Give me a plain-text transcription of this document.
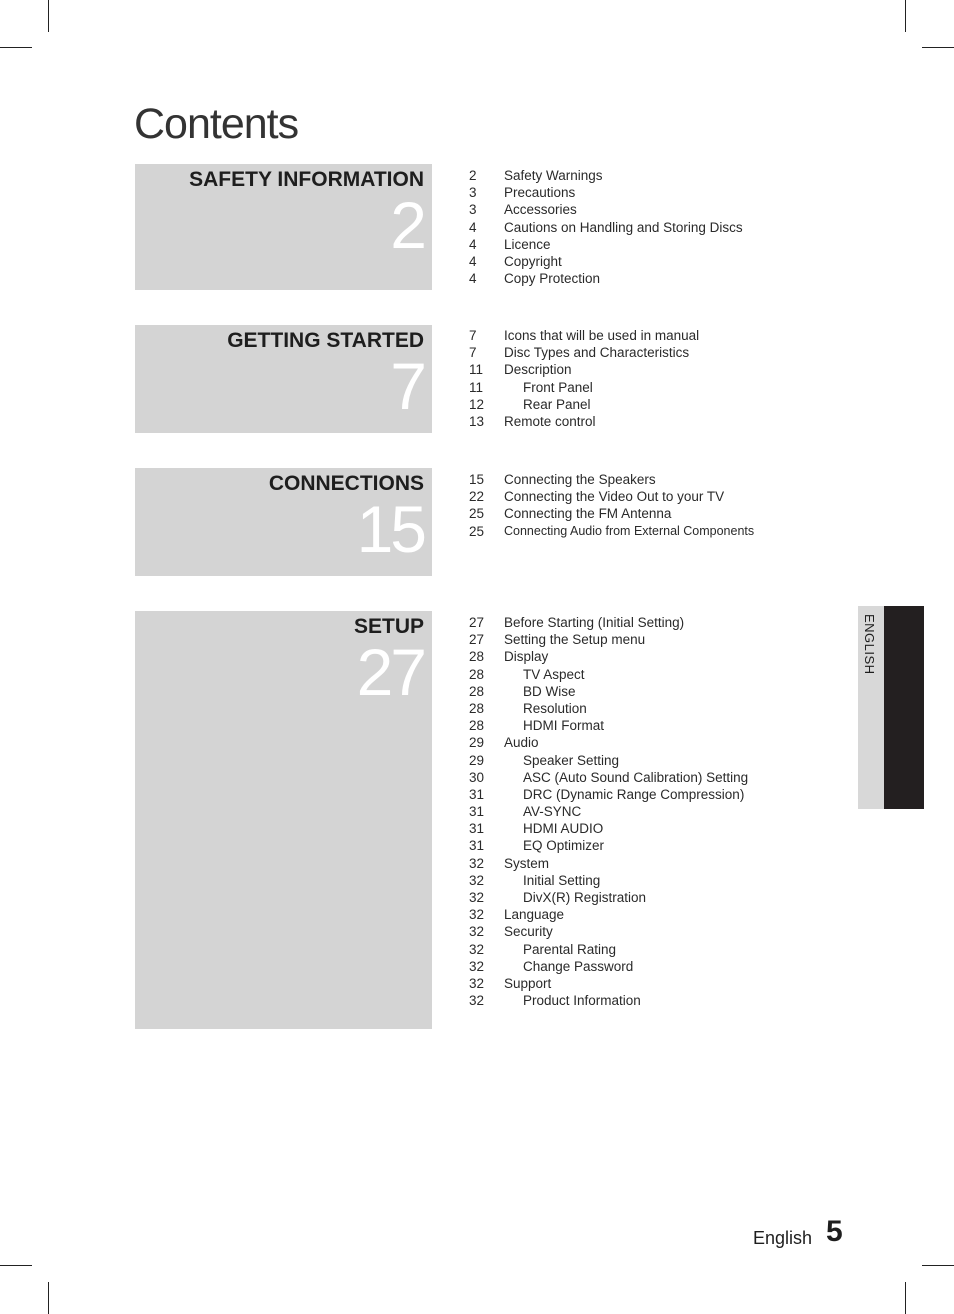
Contents
SAFETY INFORMATION
2
2	Safety Warnings
3	Precautions
3	Accessories
4	Cautions on Handling and Storing Discs
4	Licence
4	Copyright
4	Copy Protection
GETTING STARTED
7
7	Icons that will be used in manual
7	Disc Types and Characteristics
11	Description
11	Front Panel
12	Rear Panel
13	Remote control
CONNECTIONS
15
15	Connecting the Speakers
22	Connecting the Video Out to your TV
25	Connecting the FM Antenna
25	Connecting Audio from External Components
SETUP
27
27	Before Starting (Initial Setting)
27	Setting the Setup menu
28	Display
28	TV Aspect
28	BD Wise
28	Resolution
28	HDMI Format
29	Audio
29	Speaker Setting
30	ASC (Auto Sound Calibration) Setting
31	DRC (Dynamic Range Compression)
31	AV-SYNC
31	HDMI AUDIO
31	EQ Optimizer
32	System
32	Initial Setting
32	DivX(R) Registration
32	Language
32	Security
32	Parental Rating
32	Change Password
32	Support
32	Product Information
ENGLISH
English 5
